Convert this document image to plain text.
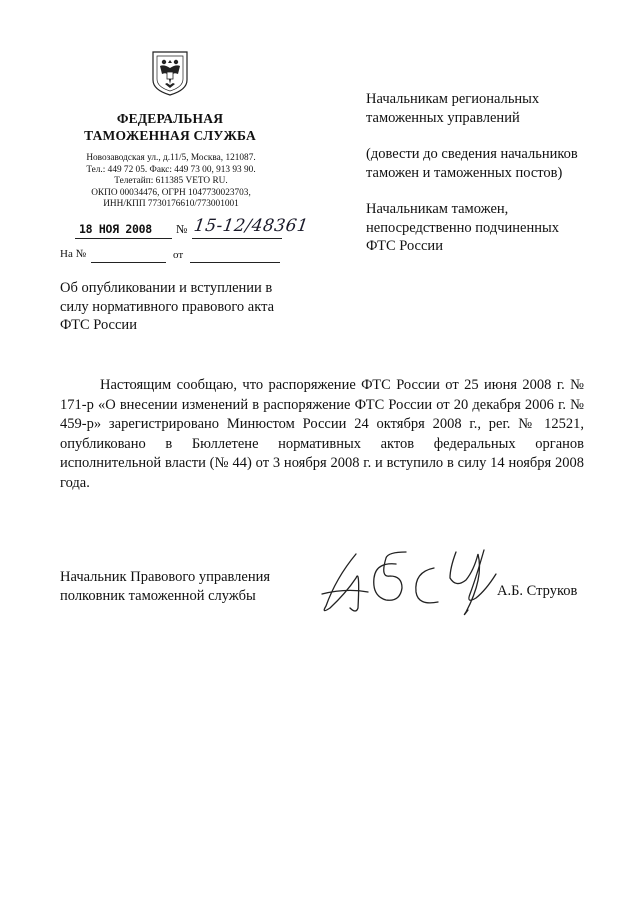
ФЕДЕРАЛЬНАЯ
ТАМОЖЕННАЯ СЛУЖБА
Новозаводская ул., д.11/5, Москва, 121087.
Тел.: 449 72 05. Факс: 449 73 00, 913 93 90.
Телетайп: 611385 VETO RU.
ОКПО 00034476, ОГРН 1047730023703,
ИНН/КПП 7730176610/773001001
18 НОЯ 2008 № 15-12/48361
На №	от
Об опубликовании и вступлении в силу нормативного правового акта ФТС России
Начальникам региональных таможенных управлений
(довести до сведения начальников таможен и таможенных постов)
Начальникам таможен, непосредственно подчиненных ФТС России
Настоящим сообщаю, что распоряжение ФТС России от 25 июня 2008 г. № 171-р «О внесении изменений в распоряжение ФТС России от 20 декабря 2006 г. № 459-р» зарегистрировано Минюстом России 24 октября 2008 г., рег. № 12521, опубликовано в Бюллетене нормативных актов федеральных органов исполнительной власти (№ 44) от 3 ноября 2008 г. и вступило в силу 14 ноября 2008 года.
Начальник Правового управления
полковник таможенной службы	А.Б. Струков
